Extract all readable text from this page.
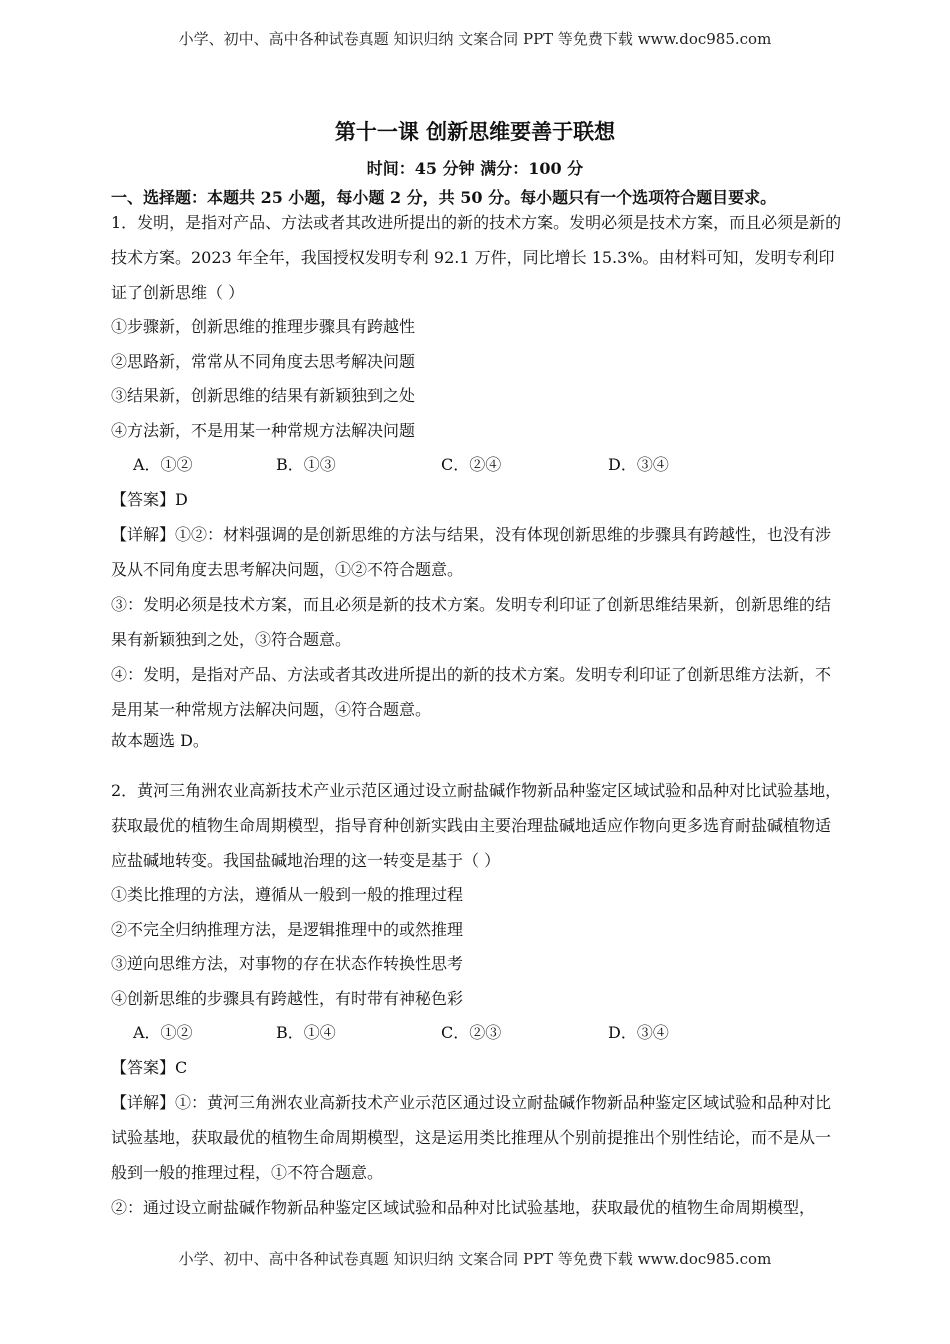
小学、初中、高中各种试卷真题 知识归纳 文案合同 PPT 等免费下载 www.doc985.com
第十一课 创新思维要善于联想
时间：45 分钟 满分：100 分
一、选择题：本题共 25 小题，每小题 2 分，共 50 分。每小题只有一个选项符合题目要求。

1．发明，是指对产品、方法或者其改进所提出的新的技术方案。发明必须是技术方案，而且必须是新的技术方案。2023 年全年，我国授权发明专利 92.1 万件，同比增长 15.3%。由材料可知，发明专利印证了创新思维（ ）

①步骤新，创新思维的推理步骤具有跨越性

②思路新，常常从不同角度去思考解决问题

③结果新，创新思维的结果有新颖独到之处

④方法新，不是用某一种常规方法解决问题

A．①②	B．①③	C．②④	D．③④

【答案】D

【详解】①②：材料强调的是创新思维的方法与结果，没有体现创新思维的步骤具有跨越性，也没有涉及从不同角度去思考解决问题，①②不符合题意。

③：发明必须是技术方案，而且必须是新的技术方案。发明专利印证了创新思维结果新，创新思维的结果有新颖独到之处，③符合题意。

④：发明，是指对产品、方法或者其改进所提出的新的技术方案。发明专利印证了创新思维方法新，不是用某一种常规方法解决问题，④符合题意。

故本题选 D。

2．黄河三角洲农业高新技术产业示范区通过设立耐盐碱作物新品种鉴定区域试验和品种对比试验基地，获取最优的植物生命周期模型，指导育种创新实践由主要治理盐碱地适应作物向更多选育耐盐碱植物适应盐碱地转变。我国盐碱地治理的这一转变是基于（ ）

①类比推理的方法，遵循从一般到一般的推理过程

②不完全归纳推理方法，是逻辑推理中的或然推理

③逆向思维方法，对事物的存在状态作转换性思考

④创新思维的步骤具有跨越性，有时带有神秘色彩

A．①②	B．①④	C．②③	D．③④

【答案】C

【详解】①：黄河三角洲农业高新技术产业示范区通过设立耐盐碱作物新品种鉴定区域试验和品种对比试验基地，获取最优的植物生命周期模型，这是运用类比推理从个别前提推出个别性结论，而不是从一般到一般的推理过程，①不符合题意。

②：通过设立耐盐碱作物新品种鉴定区域试验和品种对比试验基地，获取最优的植物生命周期模型，

小学、初中、高中各种试卷真题 知识归纳 文案合同 PPT 等免费下载 www.doc985.com
